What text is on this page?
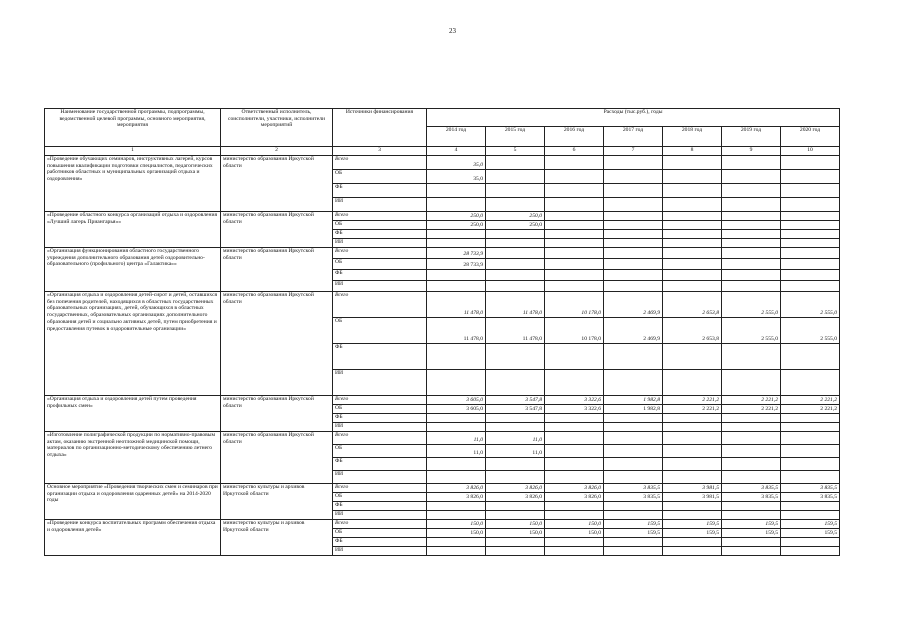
23
Наименование государственной программы, подпрограммы, ведомственной целевой программы, основного мероприятия, мероприятия	Ответственный исполнитель, соисполнители, участники, исполнители мероприятий	Источники финансирования	Расходы (тыс.руб.), годы						
			2014 год	2015 год	2016 год	2017 год	2018 год	2019 год	2020 год
1	2	3	4	5	6	7	8	9	10
«Проведение обучающих семинаров, инструктивных лагерей, курсов повышения квалификации подготовки специалистов, педагогических работников областных и муниципальных организаций отдыха и оздоровления»	министерство образования Иркутской области	Всего	35,0						
		ОБ	35,0						
		ФБ							
		ИИ							
«Проведение областного конкурса организаций отдыха и оздоровления «Лучший лагерь Приангарья»»	министерство образования Иркутской области	Всего	250,0	250,0					
		ОБ	250,0	250,0					
		ФБ							
		ИИ							
«Организация функционирования областного государственного учреждения дополнительного образования детей оздоровительно-образовательного (профильного) центра «Галактика»»	министерство образования Иркутской области	Всего	28 733,9						
		ОБ	28 733,9						
		ФБ							
		ИИ							
«Организация отдыха и оздоровления детей-сирот и детей, оставшихся без попечения родителей, находящихся в областных государственных образовательных организациях, детей, обучающихся в областных государственных, образовательных организациях дополнительного образования детей и социально активных детей, путем приобретения и предоставления путевок в оздоровительные организации»	министерство образования Иркутской области	Всего	11 478,0	11 478,0	10 178,0	2 469,9	2 653,8	2 555,0	2 555,0
		ОБ	11 478,0	11 478,0	10 178,0	2 469,9	2 653,8	2 555,0	2 555,0
		ФБ							
		ИИ							
«Организация отдыха и оздоровления детей путем проведения профильных смен»	министерство образования Иркутской области	Всего	3 605,0	3 547,8	3 322,6	1 982,8	2 221,2	2 221,2	2 221,2
		ОБ	3 605,0	3 547,8	3 322,6	1 982,8	2 221,2	2 221,2	2 221,2
		ФБ							
		ИИ							
«Изготовление полиграфической продукции по нормативно-правовым актам, оказанию экстренной неотложной медицинской помощи, материалов по организационно-методическому обеспечению летнего отдыха»	министерство образования Иркутской области	Всего	11,0	11,0					
		ОБ	11,0	11,0					
		ФБ							
		ИИ							
Основное мероприятие «Проведения творческих смен и семинаров при организации отдыха и оздоровления одаренных детей» на 2014-2020 годы	министерство культуры и архивов Иркутской области	Всего	3 826,0	3 826,0	3 826,0	3 835,5	3 981,5	3 835,5	3 835,5
		ОБ	3 826,0	3 826,0	3 826,0	3 835,5	3 981,5	3 835,5	3 835,5
		ФБ							
		ИИ							
«Проведение конкурса воспитательных программ обеспечения отдыха и оздоровления детей»	министерство культуры и архивов Иркутской области	Всего	150,0	150,0	150,0	159,5	159,5	159,5	159,5
		ОБ	150,0	150,0	150,0	159,5	159,5	159,5	159,5
		ФБ							
		ИИ							
